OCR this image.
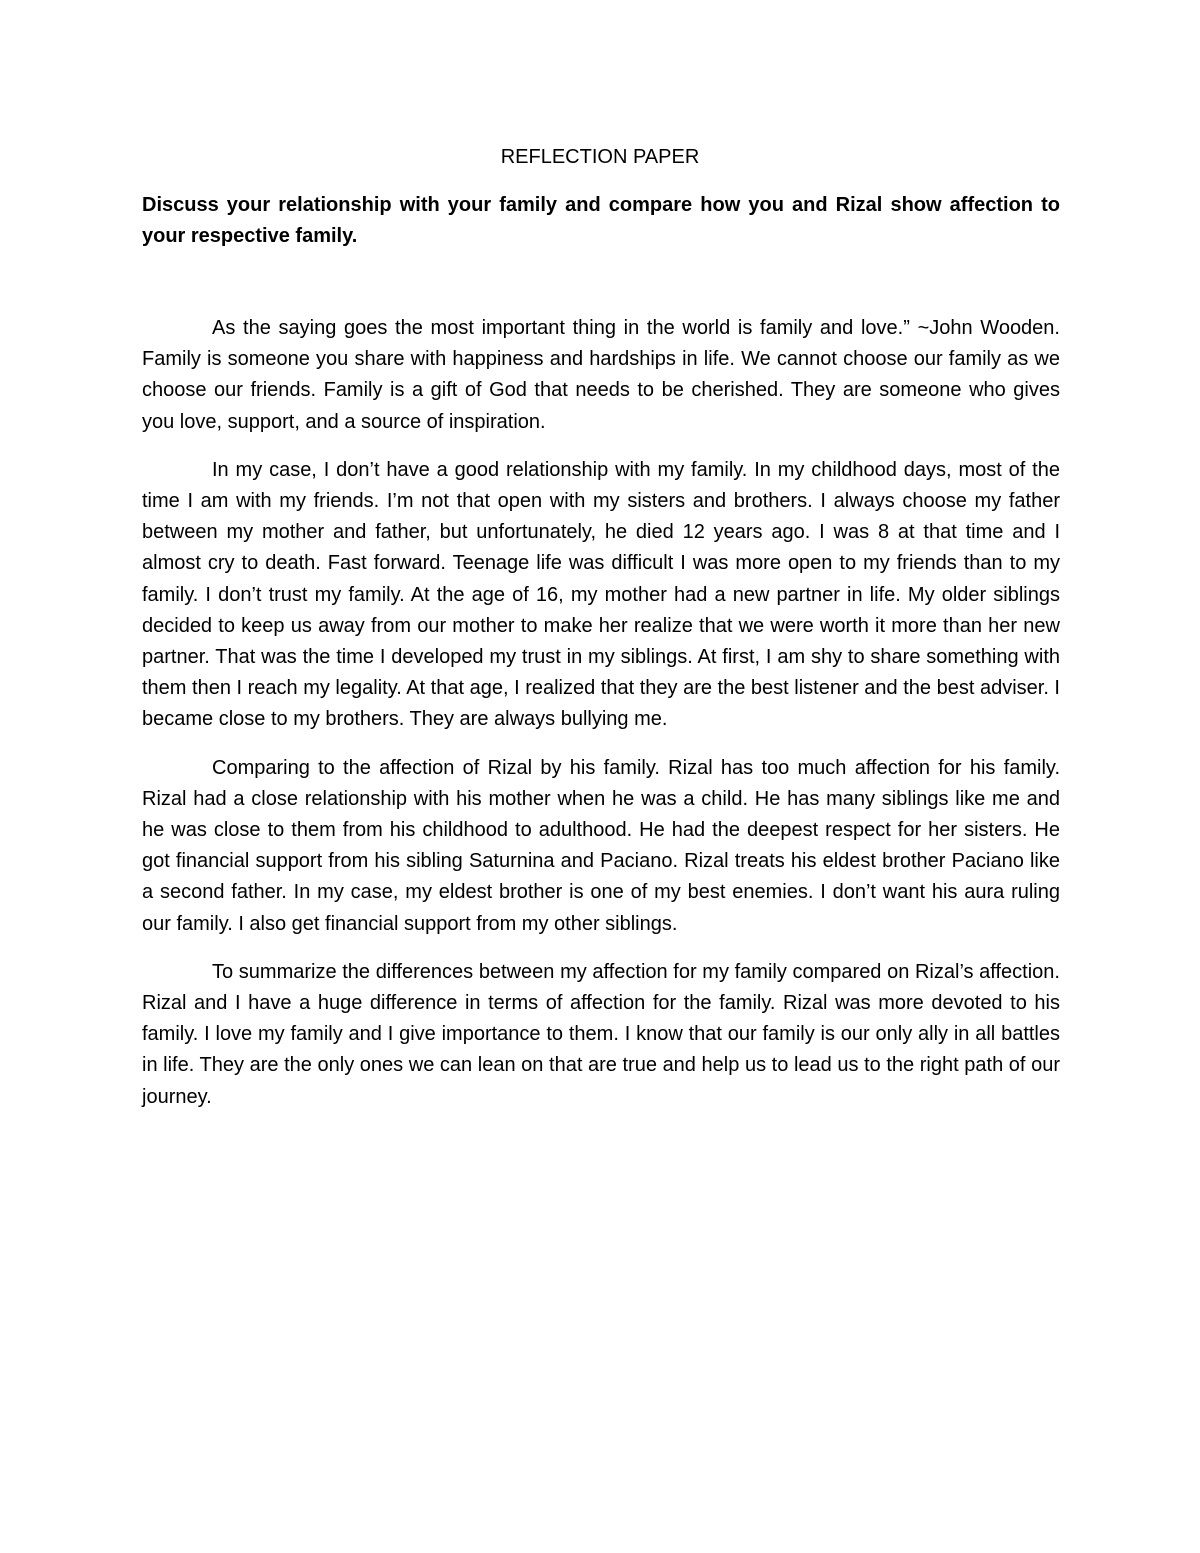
REFLECTION PAPER
Discuss your relationship with your family and compare how you and Rizal show affection to your respective family.

As the saying goes the most important thing in the world is family and love.” ~John Wooden. Family is someone you share with happiness and hardships in life. We cannot choose our family as we choose our friends. Family is a gift of God that needs to be cherished. They are someone who gives you love, support, and a source of inspiration.

In my case, I don’t have a good relationship with my family. In my childhood days, most of the time I am with my friends. I’m not that open with my sisters and brothers. I always choose my father between my mother and father, but unfortunately, he died 12 years ago. I was 8 at that time and I almost cry to death. Fast forward. Teenage life was difficult I was more open to my friends than to my family. I don’t trust my family. At the age of 16, my mother had a new partner in life. My older siblings decided to keep us away from our mother to make her realize that we were worth it more than her new partner. That was the time I developed my trust in my siblings. At first, I am shy to share something with them then I reach my legality. At that age, I realized that they are the best listener and the best adviser. I became close to my brothers. They are always bullying me.

Comparing to the affection of Rizal by his family. Rizal has too much affection for his family. Rizal had a close relationship with his mother when he was a child. He has many siblings like me and he was close to them from his childhood to adulthood. He had the deepest respect for her sisters. He got financial support from his sibling Saturnina and Paciano. Rizal treats his eldest brother Paciano like a second father. In my case, my eldest brother is one of my best enemies. I don’t want his aura ruling our family. I also get financial support from my other siblings.

To summarize the differences between my affection for my family compared on Rizal’s affection. Rizal and I have a huge difference in terms of affection for the family. Rizal was more devoted to his family. I love my family and I give importance to them. I know that our family is our only ally in all battles in life. They are the only ones we can lean on that are true and help us to lead us to the right path of our journey.
